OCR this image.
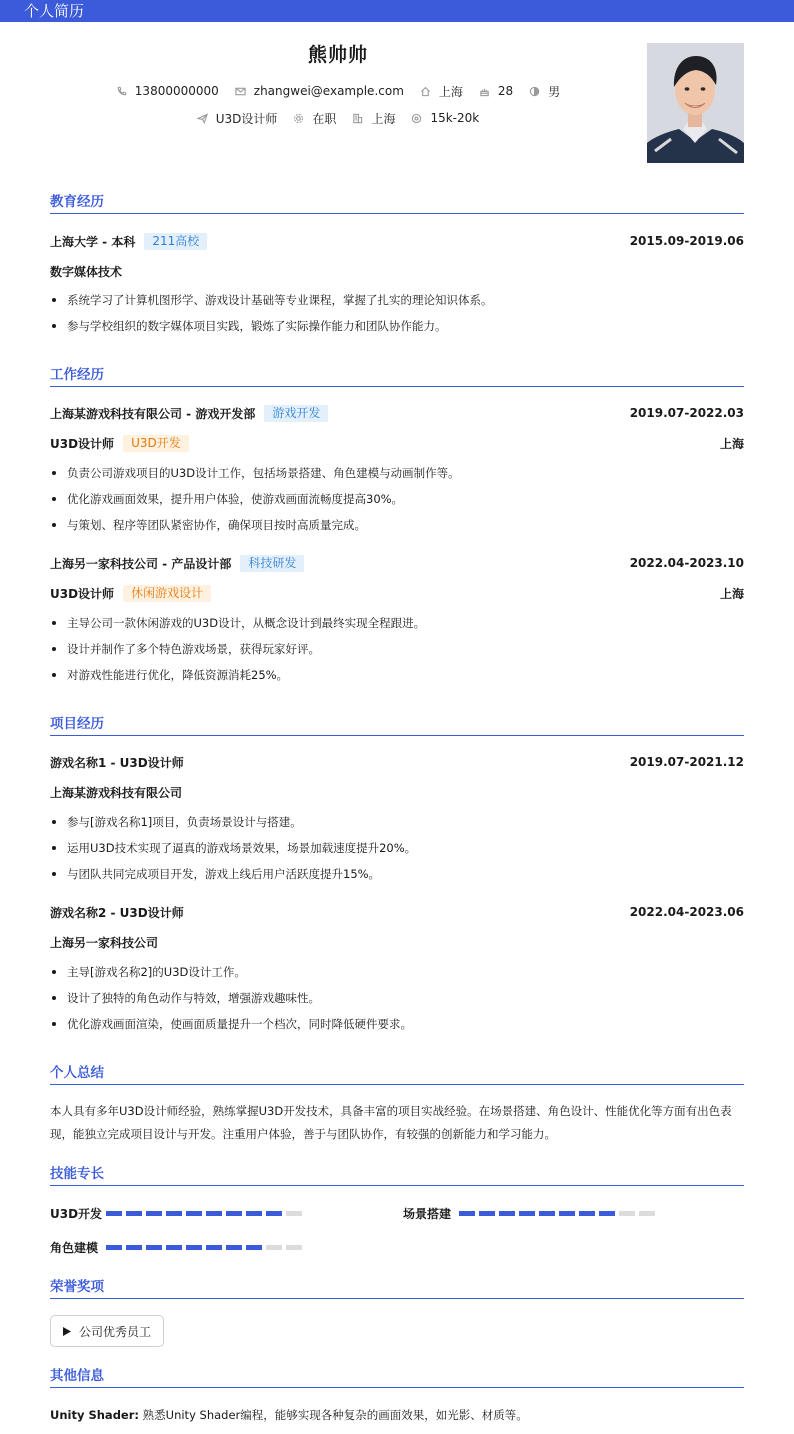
个人简历
熊帅帅
13800000000	zhangwei@example.com	上海	28	男
U3D设计师	在职	上海	15k-20k
教育经历
上海大学 - 本科	211高校	2015.09-2019.06
数字媒体技术
系统学习了计算机图形学、游戏设计基础等专业课程，掌握了扎实的理论知识体系。
参与学校组织的数字媒体项目实践，锻炼了实际操作能力和团队协作能力。
工作经历
上海某游戏科技有限公司 - 游戏开发部	游戏开发	2019.07-2022.03
U3D设计师	U3D开发	上海
负责公司游戏项目的U3D设计工作，包括场景搭建、角色建模与动画制作等。
优化游戏画面效果，提升用户体验，使游戏画面流畅度提高30%。
与策划、程序等团队紧密协作，确保项目按时高质量完成。
上海另一家科技公司 - 产品设计部	科技研发	2022.04-2023.10
U3D设计师	休闲游戏设计	上海
主导公司一款休闲游戏的U3D设计，从概念设计到最终实现全程跟进。
设计并制作了多个特色游戏场景，获得玩家好评。
对游戏性能进行优化，降低资源消耗25%。
项目经历
游戏名称1 - U3D设计师	2019.07-2021.12
上海某游戏科技有限公司
参与[游戏名称1]项目，负责场景设计与搭建。
运用U3D技术实现了逼真的游戏场景效果，场景加载速度提升20%。
与团队共同完成项目开发，游戏上线后用户活跃度提升15%。
游戏名称2 - U3D设计师	2022.04-2023.06
上海另一家科技公司
主导[游戏名称2]的U3D设计工作。
设计了独特的角色动作与特效，增强游戏趣味性。
优化游戏画面渲染，使画面质量提升一个档次，同时降低硬件要求。
个人总结
本人具有多年U3D设计师经验，熟练掌握U3D开发技术，具备丰富的项目实战经验。在场景搭建、角色设计、性能优化等方面有出色表现，能独立完成项目设计与开发。注重用户体验，善于与团队协作，有较强的创新能力和学习能力。
技能专长
U3D开发	场景搭建
角色建模
荣誉奖项
公司优秀员工
其他信息
Unity Shader: 熟悉Unity Shader编程，能够实现各种复杂的画面效果，如光影、材质等。
